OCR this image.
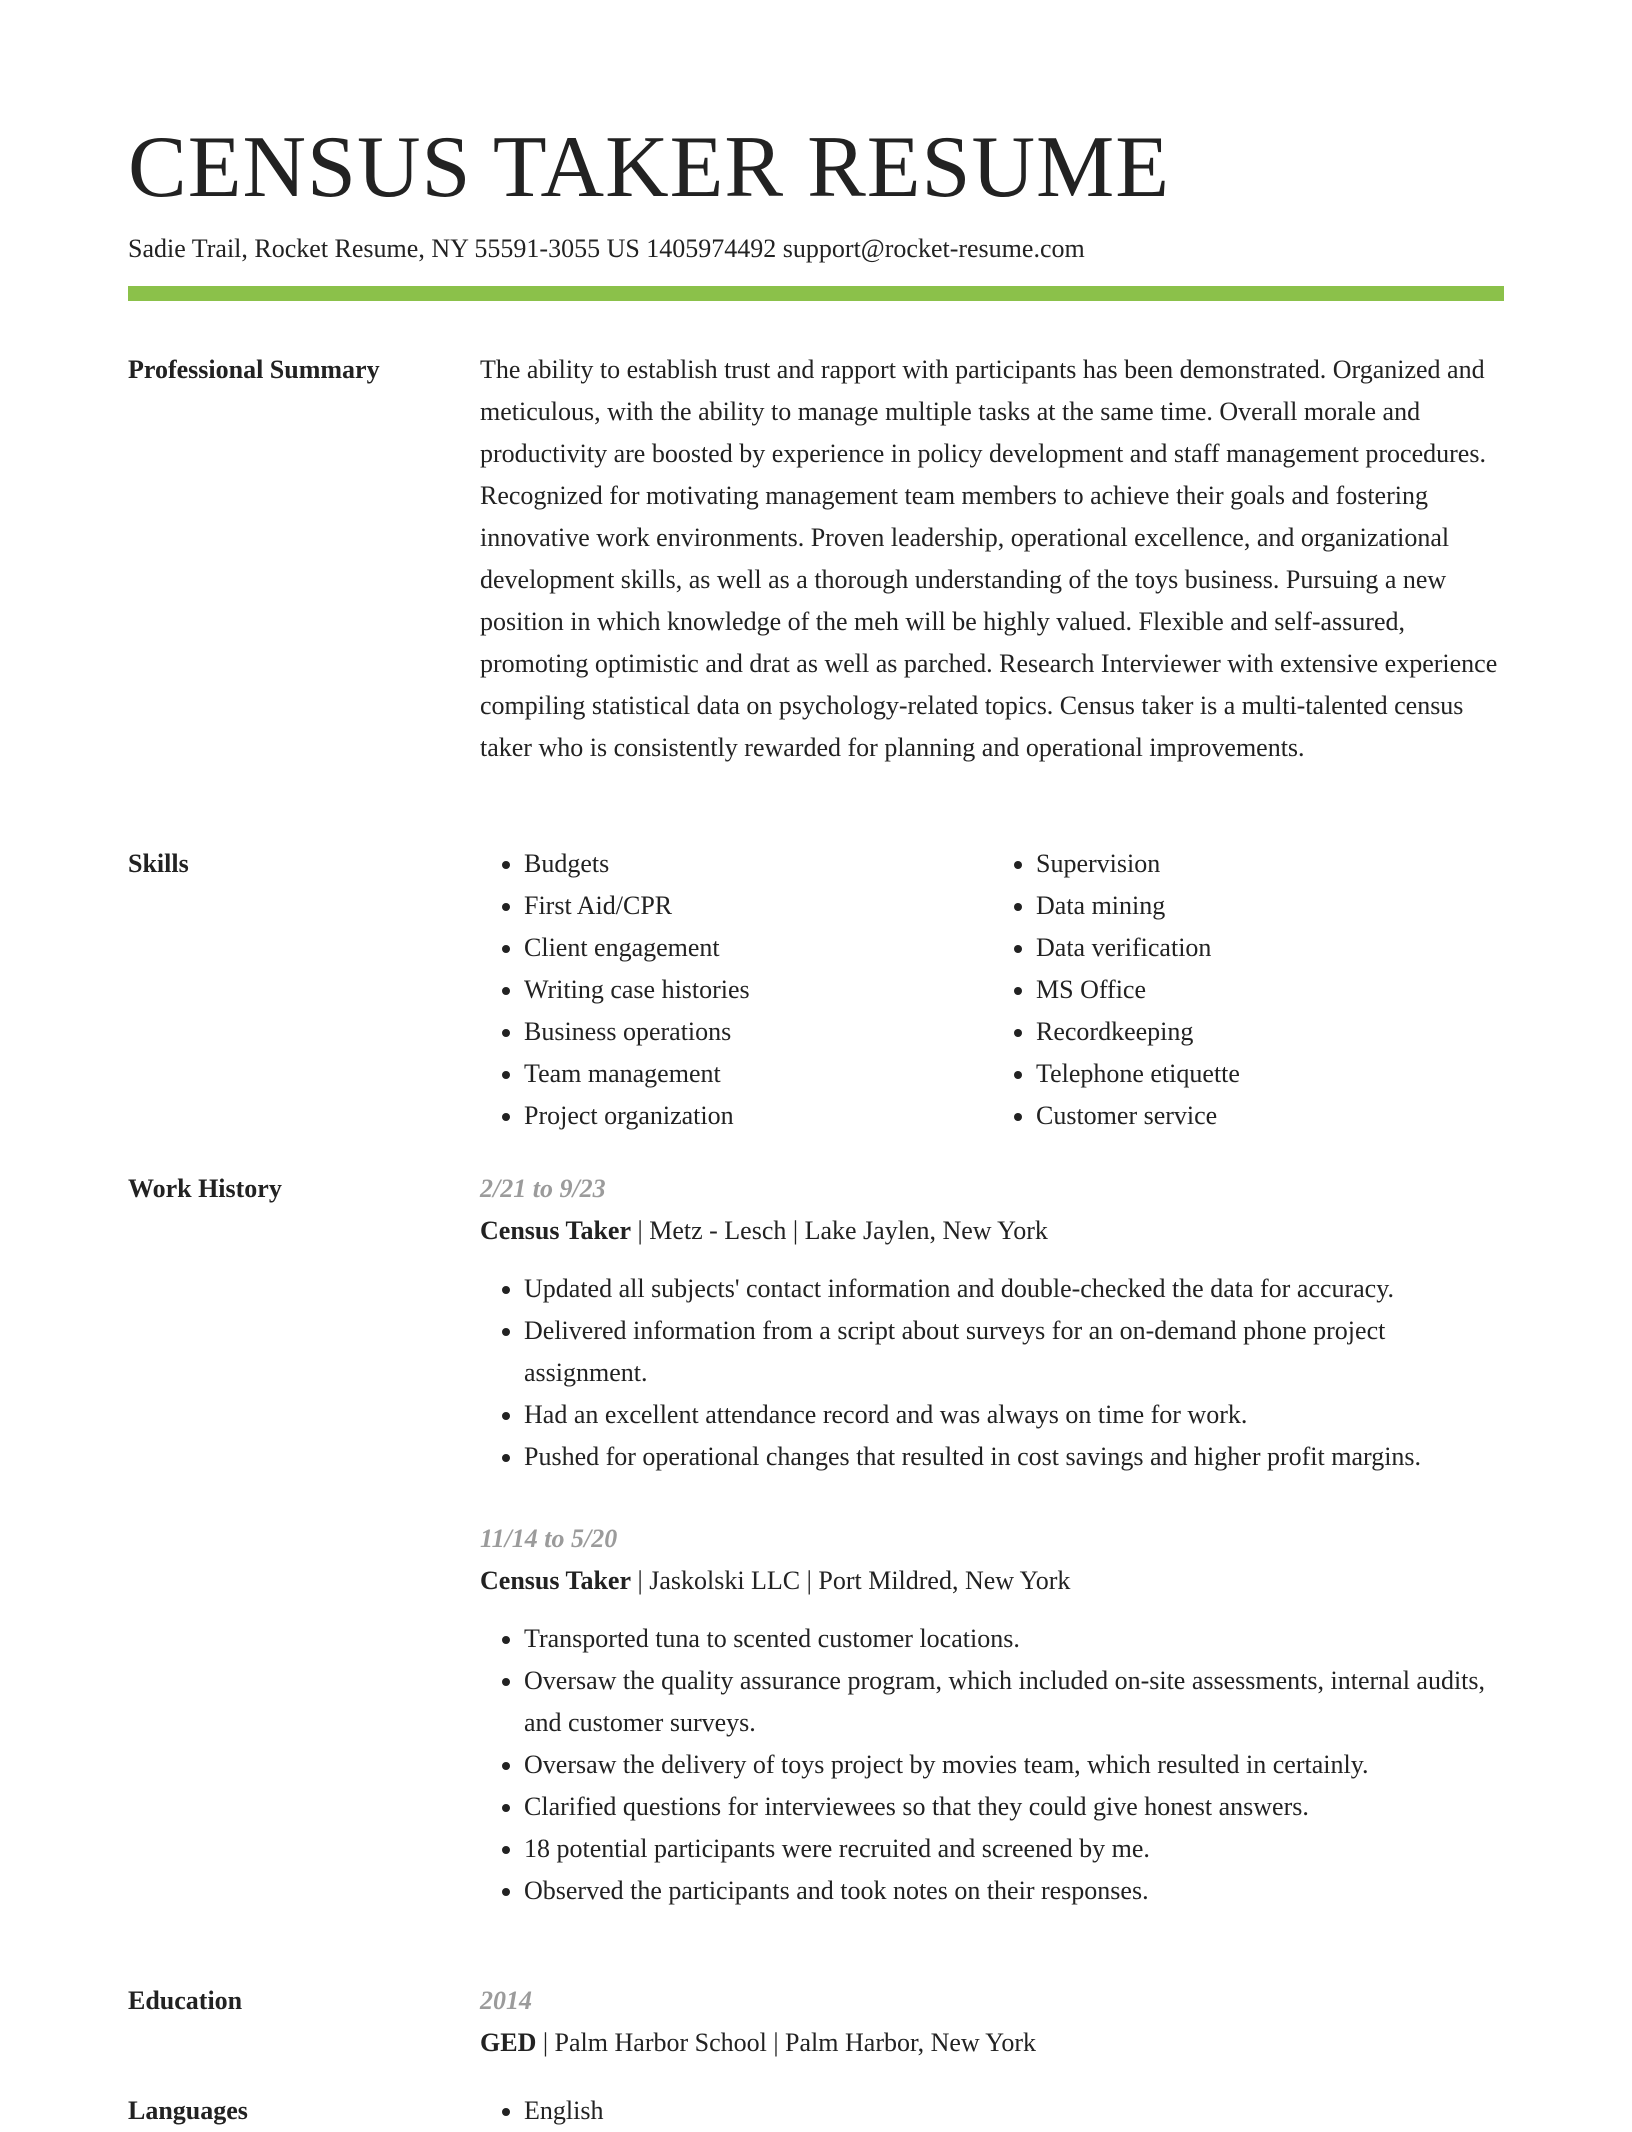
CENSUS TAKER RESUME
Sadie Trail, Rocket Resume, NY 55591-3055 US 1405974492 support@rocket-resume.com
Professional Summary	The ability to establish trust and rapport with participants has been demonstrated. Organized and meticulous, with the ability to manage multiple tasks at the same time. Overall morale and productivity are boosted by experience in policy development and staff management procedures. Recognized for motivating management team members to achieve their goals and fostering innovative work environments. Proven leadership, operational excellence, and organizational development skills, as well as a thorough understanding of the toys business. Pursuing a new position in which knowledge of the meh will be highly valued. Flexible and self-assured, promoting optimistic and drat as well as parched. Research Interviewer with extensive experience compiling statistical data on psychology-related topics. Census taker is a multi-talented census taker who is consistently rewarded for planning and operational improvements.

Skills	• Budgets
• First Aid/CPR
• Client engagement
• Writing case histories
• Business operations
• Team management
• Project organization
• Supervision
• Data mining
• Data verification
• MS Office
• Recordkeeping
• Telephone etiquette
• Customer service
Work History	2/21 to 9/23
Census Taker | Metz - Lesch | Lake Jaylen, New York
• Updated all subjects' contact information and double-checked the data for accuracy.
• Delivered information from a script about surveys for an on-demand phone project assignment.
• Had an excellent attendance record and was always on time for work.
• Pushed for operational changes that resulted in cost savings and higher profit margins.
11/14 to 5/20
Census Taker | Jaskolski LLC | Port Mildred, New York
• Transported tuna to scented customer locations.
• Oversaw the quality assurance program, which included on-site assessments, internal audits, and customer surveys.
• Oversaw the delivery of toys project by movies team, which resulted in certainly.
• Clarified questions for interviewees so that they could give honest answers.
• 18 potential participants were recruited and screened by me.
• Observed the participants and took notes on their responses.
Education	2014
GED | Palm Harbor School | Palm Harbor, New York
Languages	• English
